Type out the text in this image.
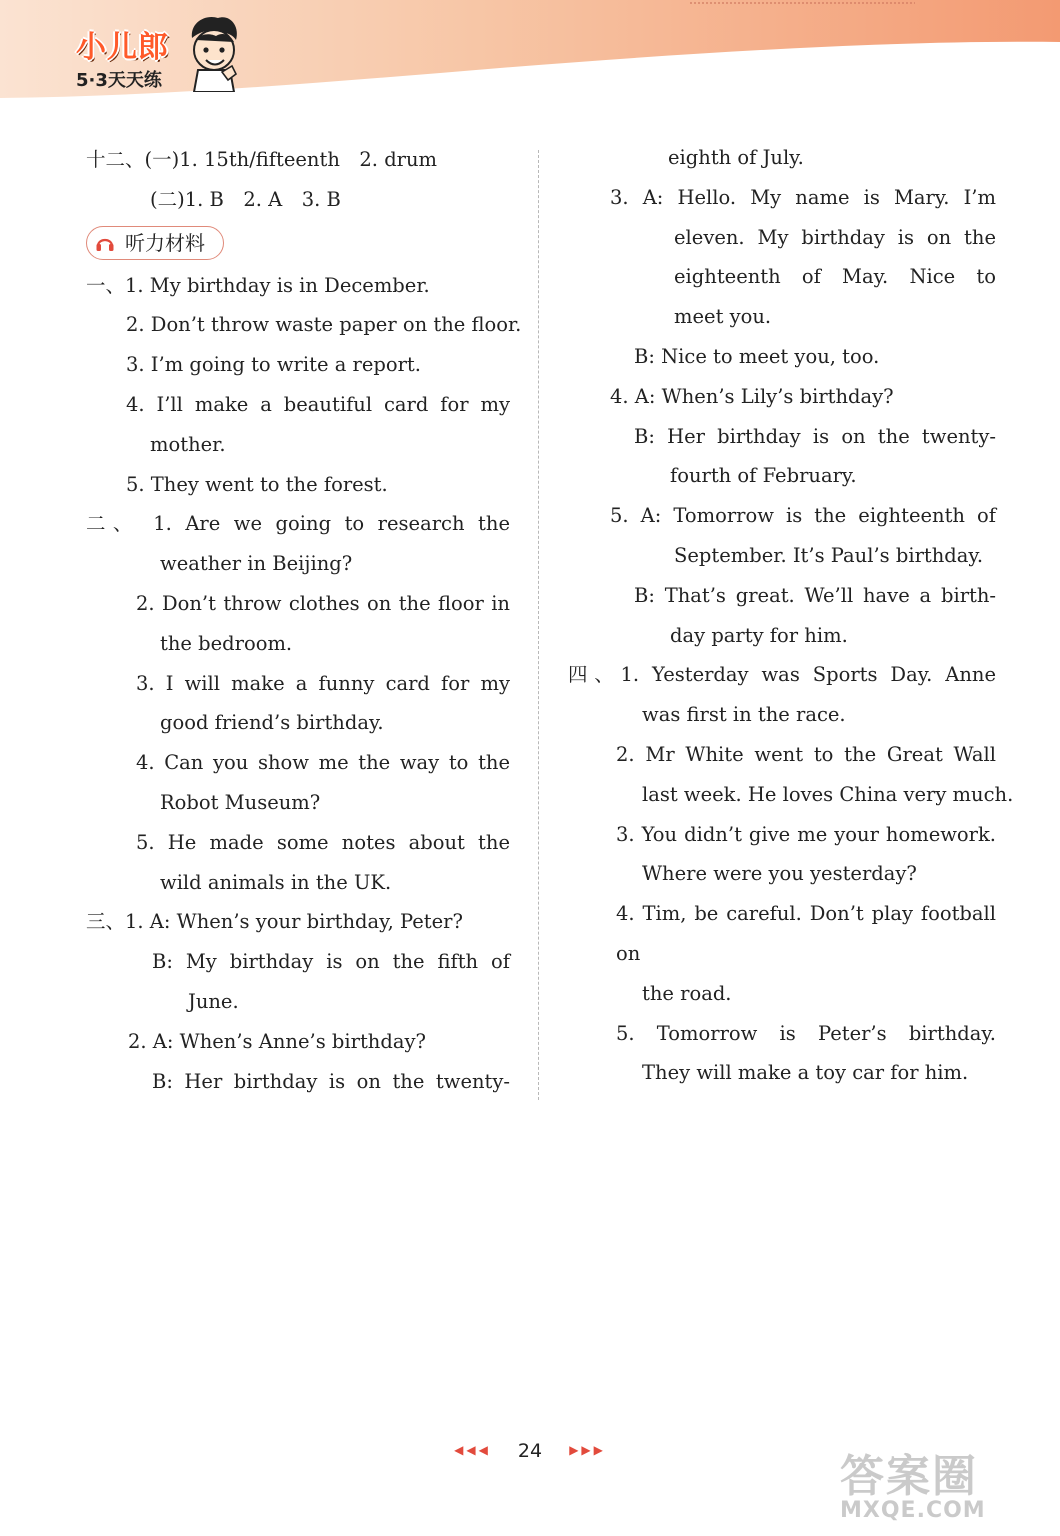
小儿郎
5·3天天练
十二、(一)1. 15th/fifteenth　2. drum
(二)1. B　2. A　3. B
听力材料
一、1. My birthday is in December.
2. Don’t throw waste paper on the floor.
3. I’m going to write a report.
4. I’ll make a beautiful card for my
mother.
5. They went to the forest.
二、 1. Are we going to research the
weather in Beijing?
2. Don’t throw clothes on the floor in
the bedroom.
3. I will make a funny card for my
good friend’s birthday.
4. Can you show me the way to the
Robot Museum?
5. He made some notes about the
wild animals in the UK.
三、1. A: When’s your birthday, Peter?
B: My birthday is on the fifth of
June.
2. A: When’s Anne’s birthday?
B: Her birthday is on the twenty-
eighth of July.
3. A: Hello. My name is Mary. I’m
eleven. My birthday is on the
eighteenth of May. Nice to
meet you.
B: Nice to meet you, too.
4. A: When’s Lily’s birthday?
B: Her birthday is on the twenty-
fourth of February.
5. A: Tomorrow is the eighteenth of
September. It’s Paul’s birthday.
B: That’s great. We’ll have a birth-
day party for him.
四、1. Yesterday was Sports Day. Anne
was first in the race.
2. Mr White went to the Great Wall
last week. He loves China very much.
3. You didn’t give me your homework.
Where were you yesterday?
4. Tim, be careful. Don’t play football on
the road.
5. Tomorrow is Peter’s birthday.
They will make a toy car for him.
◀◀◀ 24 ▶▶▶
答案圈
MXQE.COM
